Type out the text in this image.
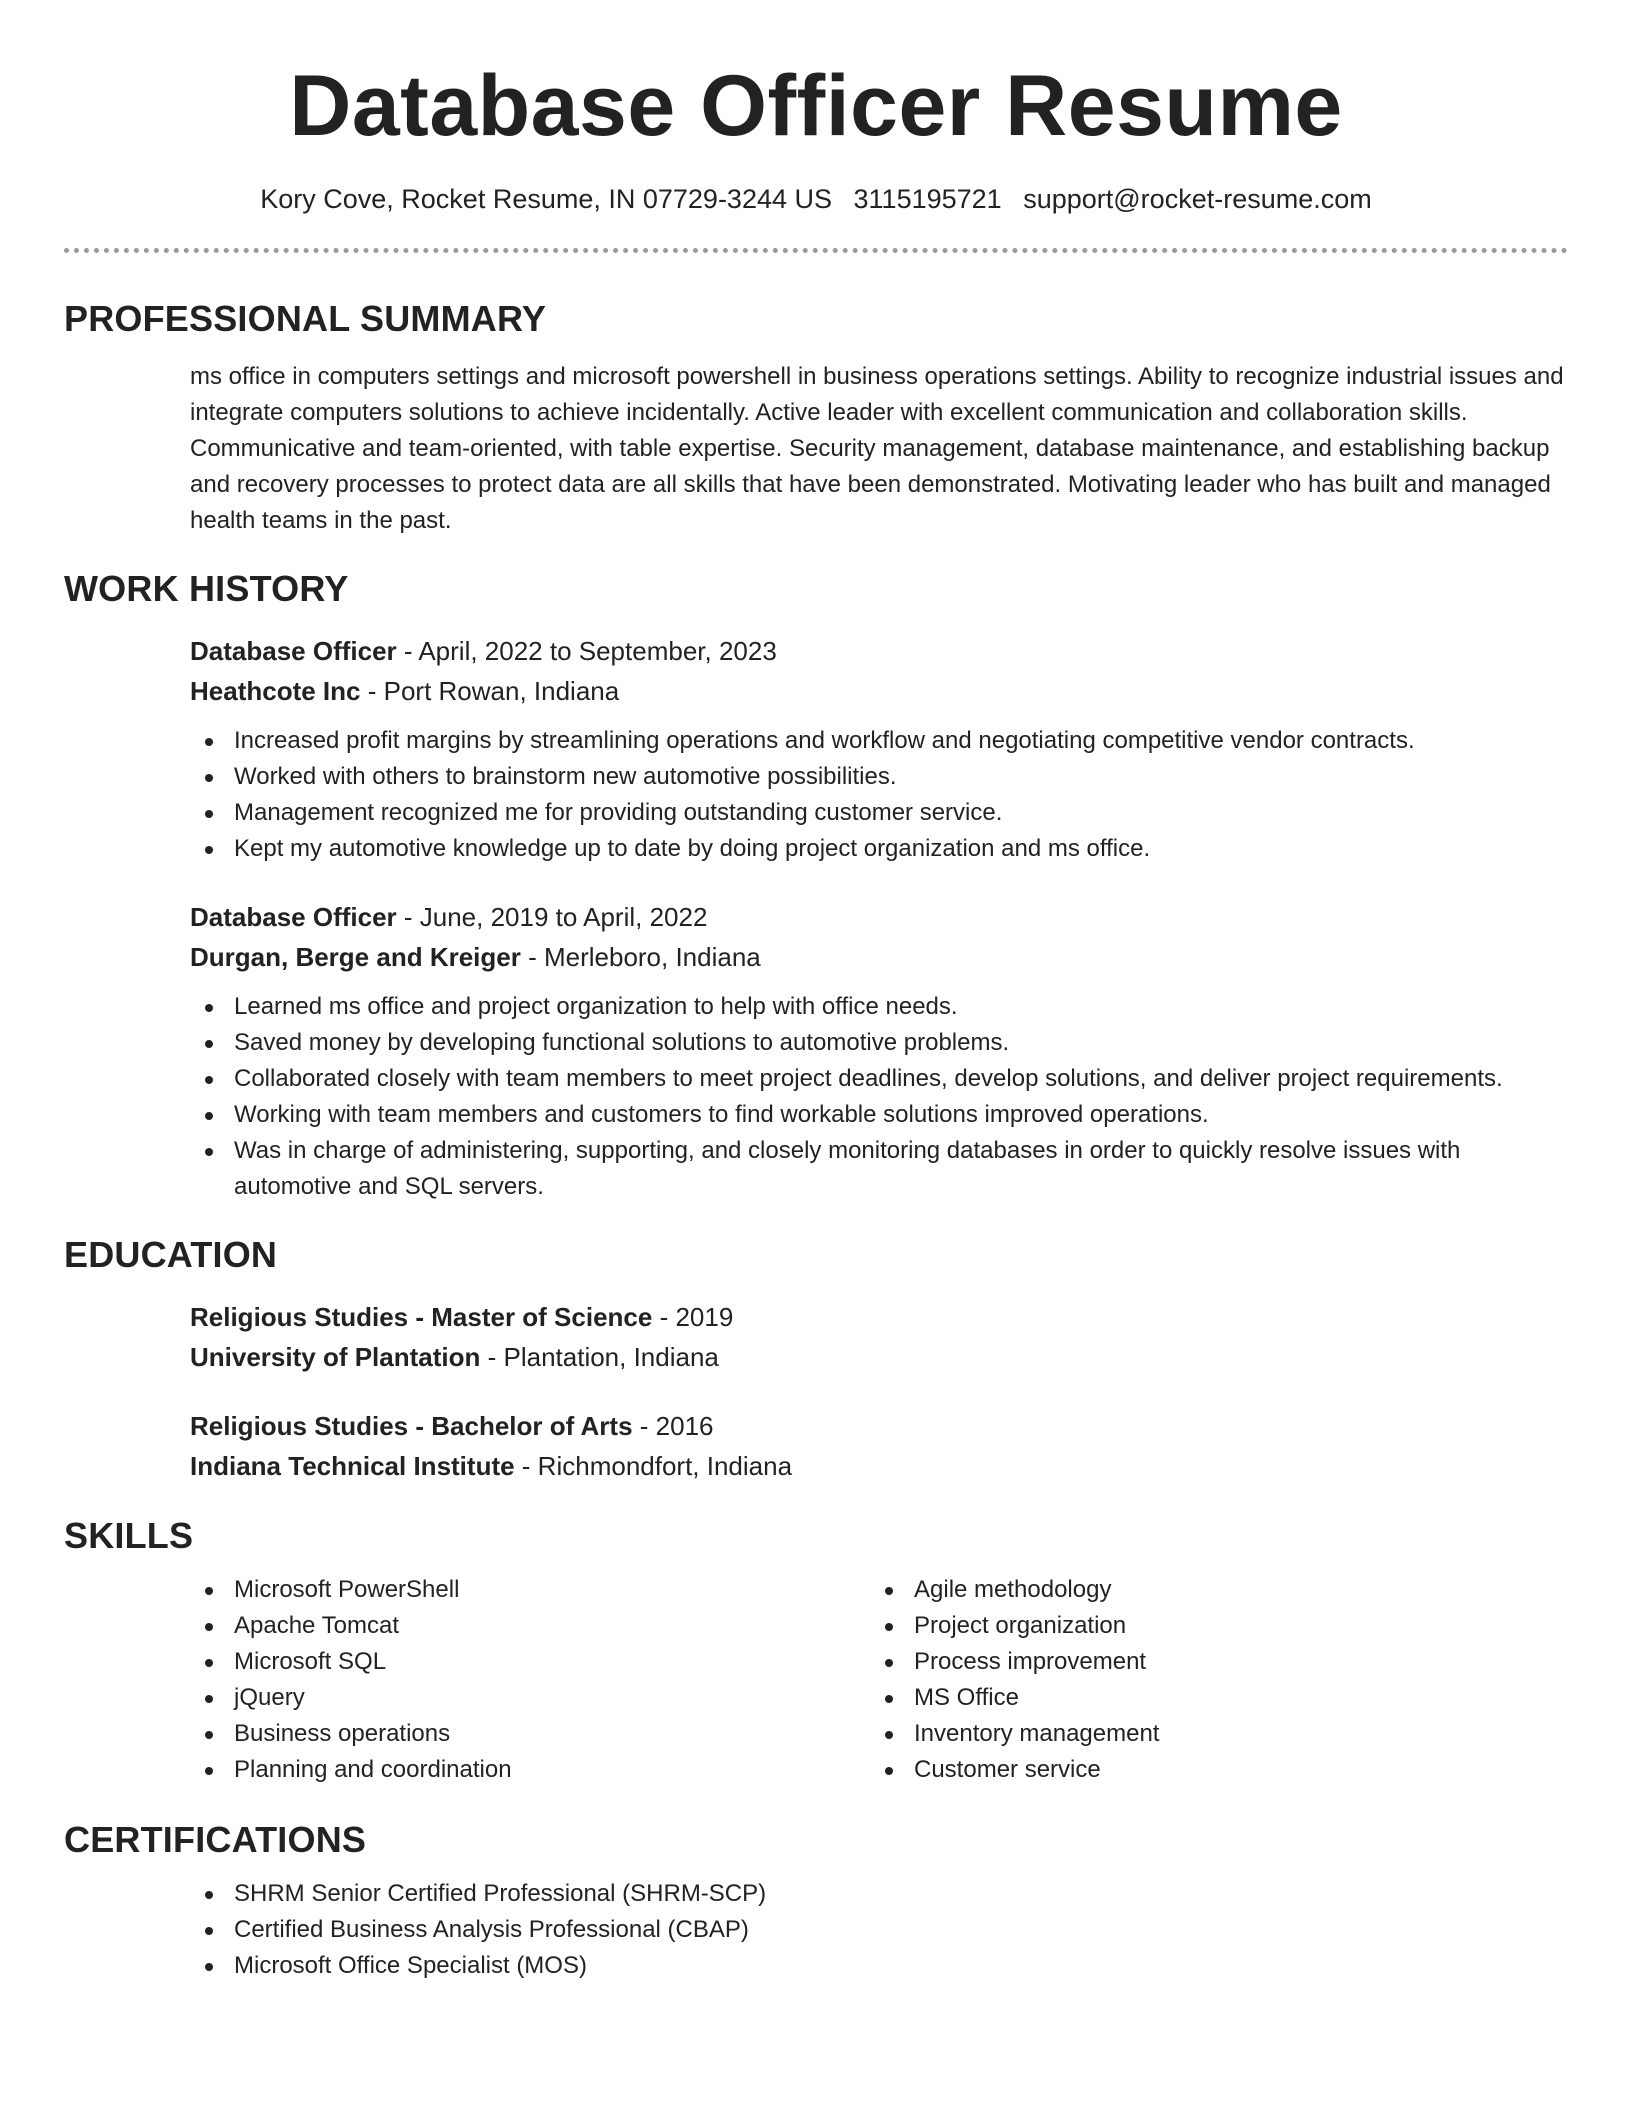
Database Officer Resume
Kory Cove, Rocket Resume, IN 07729-3244 US 3115195721 support@rocket-resume.com
PROFESSIONAL SUMMARY
ms office in computers settings and microsoft powershell in business operations settings. Ability to recognize industrial issues and integrate computers solutions to achieve incidentally. Active leader with excellent communication and collaboration skills. Communicative and team-oriented, with table expertise. Security management, database maintenance, and establishing backup and recovery processes to protect data are all skills that have been demonstrated. Motivating leader who has built and managed health teams in the past.
WORK HISTORY
Database Officer - April, 2022 to September, 2023
Heathcote Inc - Port Rowan, Indiana
Increased profit margins by streamlining operations and workflow and negotiating competitive vendor contracts.
Worked with others to brainstorm new automotive possibilities.
Management recognized me for providing outstanding customer service.
Kept my automotive knowledge up to date by doing project organization and ms office.
Database Officer - June, 2019 to April, 2022
Durgan, Berge and Kreiger - Merleboro, Indiana
Learned ms office and project organization to help with office needs.
Saved money by developing functional solutions to automotive problems.
Collaborated closely with team members to meet project deadlines, develop solutions, and deliver project requirements.
Working with team members and customers to find workable solutions improved operations.
Was in charge of administering, supporting, and closely monitoring databases in order to quickly resolve issues with automotive and SQL servers.
EDUCATION
Religious Studies - Master of Science - 2019
University of Plantation - Plantation, Indiana
Religious Studies - Bachelor of Arts - 2016
Indiana Technical Institute - Richmondfort, Indiana
SKILLS
Microsoft PowerShell
Apache Tomcat
Microsoft SQL
jQuery
Business operations
Planning and coordination
Agile methodology
Project organization
Process improvement
MS Office
Inventory management
Customer service
CERTIFICATIONS
SHRM Senior Certified Professional (SHRM-SCP)
Certified Business Analysis Professional (CBAP)
Microsoft Office Specialist (MOS)
